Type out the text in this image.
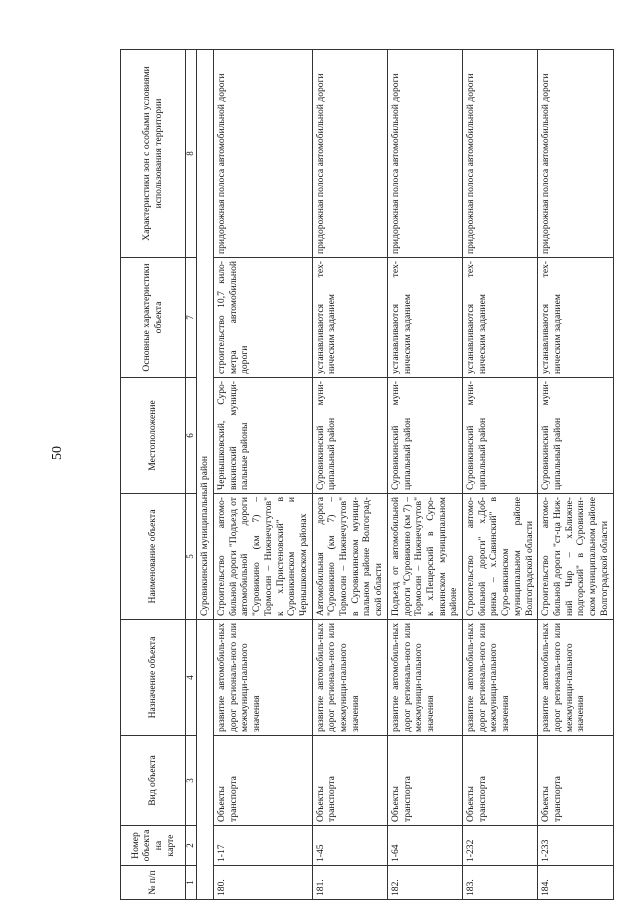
50
№ п/п	Номер объекта на карте	Вид объекта	Назначение объекта	Наименование объекта	Местоположение	Основные характеристики объекта	Характеристики зон с особыми условиями использования территории
1	2	3	4	5	6	7	8
				Суровикинский муниципальный район			
180.	1-17	Объекты транспорта	развитие автомобиль-ных дорог региональ-ного или межмуници-пального значения	Строительство автомо-бильной дороги "Подъезд от автомобильной дороги "Суровикино (км 7) – Тормосин – Нижнечугутов" к х.Пристеновский" в Суровикинском и Чернышковском районах	Чернышковский, Суро-викинский муници-пальные районы	строительство 10,7 кило-метра автомобильной дороги	придорожная полоса автомобильной дороги
181.	1-45	Объекты транспорта	развитие автомобиль-ных дорог региональ-ного или межмуници-пального значения	Автомобильная дорога "Суровикино (км 7) – Тормосин – Нижнечугутов" в Суровикинском муници-пальном районе Волгоград-ской области	Суровикинский муни-ципальный район	устанавливаются тех-ническим заданием	придорожная полоса автомобильной дороги
182.	1-64	Объекты транспорта	развитие автомобиль-ных дорог региональ-ного или межмуници-пального значения	Подъезд от автомобильной дороги "Суровикино (км 7) – Тормосин – Нижнечугутов" к х.Пещерский в Суро-викинском муниципальном районе	Суровикинский муни-ципальный район	устанавливаются тех-ническим заданием	придорожная полоса автомобильной дороги
183.	1-232	Объекты транспорта	развитие автомобиль-ных дорог региональ-ного или межмуници-пального значения	Строительство автомо-бильной дороги" х.Доб-ринка – х.Савинский" в Суро-викинском муниципальном районе Волгоградской области	Суровикинский муни-ципальный район	устанавливаются тех-ническим заданием	придорожная полоса автомобильной дороги
184.	1-233	Объекты транспорта	развитие автомобиль-ных дорог региональ-ного или межмуници-пального значения	Строительство автомо-бильной дороги "ст-ца Ниж-ний Чир – х.Ближне-подгорский" в Суровикин-ском муниципальном районе Волгоградской области	Суровикинский муни-ципальный район	устанавливаются тех-ническим заданием	придорожная полоса автомобильной дороги
